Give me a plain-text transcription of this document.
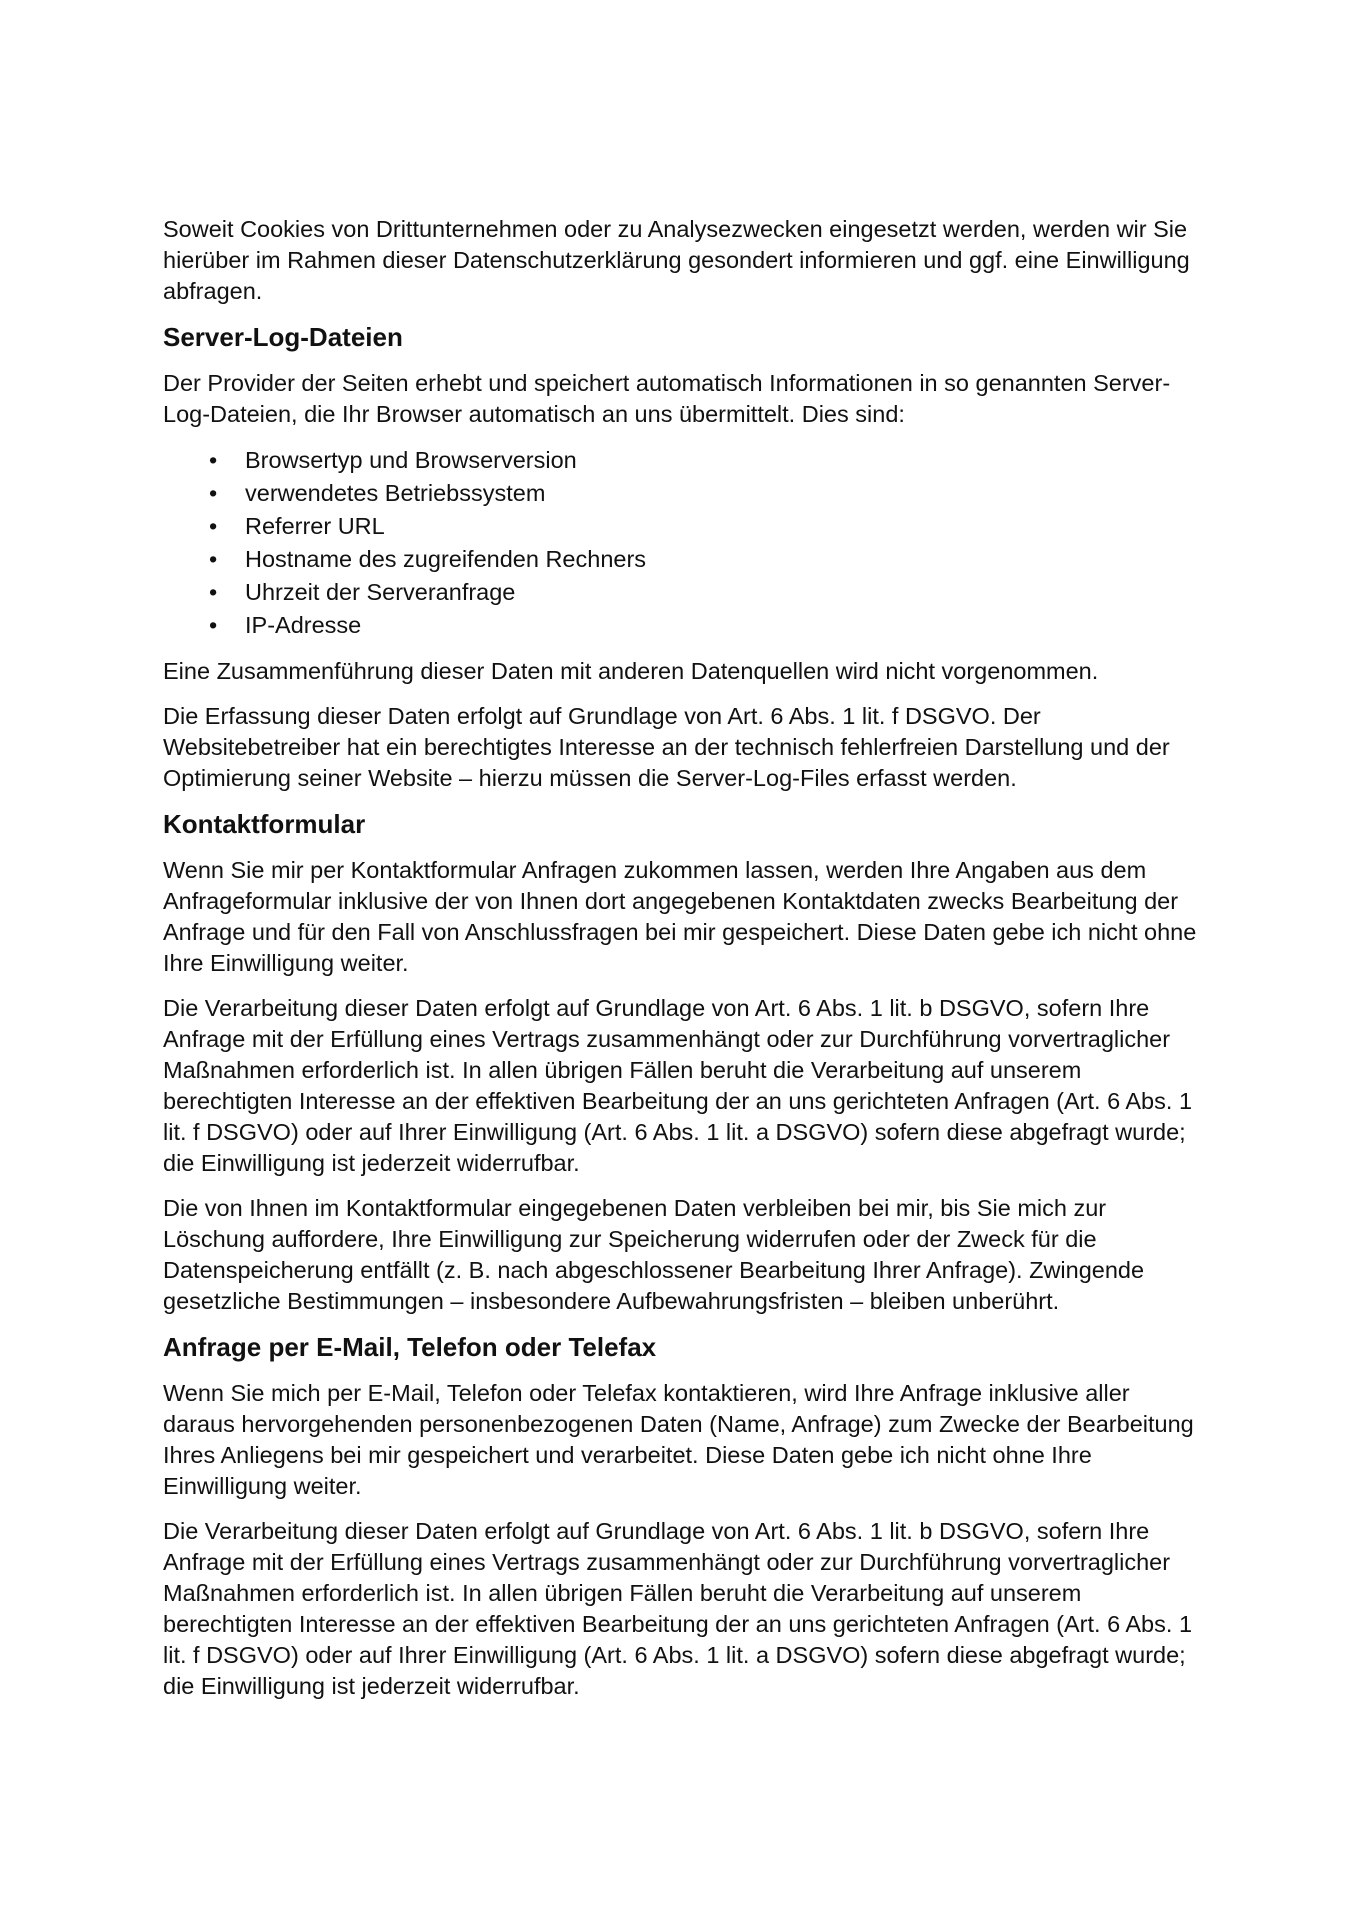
Soweit Cookies von Drittunternehmen oder zu Analysezwecken eingesetzt werden, werden wir Sie hierüber im Rahmen dieser Datenschutzerklärung gesondert informieren und ggf. eine Einwilligung abfragen.

Server-Log-Dateien

Der Provider der Seiten erhebt und speichert automatisch Informationen in so genannten Server-Log-Dateien, die Ihr Browser automatisch an uns übermittelt. Dies sind:

• Browsertyp und Browserversion
• verwendetes Betriebssystem
• Referrer URL
• Hostname des zugreifenden Rechners
• Uhrzeit der Serveranfrage
• IP-Adresse

Eine Zusammenführung dieser Daten mit anderen Datenquellen wird nicht vorgenommen.

Die Erfassung dieser Daten erfolgt auf Grundlage von Art. 6 Abs. 1 lit. f DSGVO. Der Websitebetreiber hat ein berechtigtes Interesse an der technisch fehlerfreien Darstellung und der Optimierung seiner Website – hierzu müssen die Server-Log-Files erfasst werden.

Kontaktformular

Wenn Sie mir per Kontaktformular Anfragen zukommen lassen, werden Ihre Angaben aus dem Anfrageformular inklusive der von Ihnen dort angegebenen Kontaktdaten zwecks Bearbeitung der Anfrage und für den Fall von Anschlussfragen bei mir gespeichert. Diese Daten gebe ich nicht ohne Ihre Einwilligung weiter.

Die Verarbeitung dieser Daten erfolgt auf Grundlage von Art. 6 Abs. 1 lit. b DSGVO, sofern Ihre Anfrage mit der Erfüllung eines Vertrags zusammenhängt oder zur Durchführung vorvertraglicher Maßnahmen erforderlich ist. In allen übrigen Fällen beruht die Verarbeitung auf unserem berechtigten Interesse an der effektiven Bearbeitung der an uns gerichteten Anfragen (Art. 6 Abs. 1 lit. f DSGVO) oder auf Ihrer Einwilligung (Art. 6 Abs. 1 lit. a DSGVO) sofern diese abgefragt wurde; die Einwilligung ist jederzeit widerrufbar.

Die von Ihnen im Kontaktformular eingegebenen Daten verbleiben bei mir, bis Sie mich zur Löschung auffordere, Ihre Einwilligung zur Speicherung widerrufen oder der Zweck für die Datenspeicherung entfällt (z. B. nach abgeschlossener Bearbeitung Ihrer Anfrage). Zwingende gesetzliche Bestimmungen – insbesondere Aufbewahrungsfristen – bleiben unberührt.

Anfrage per E-Mail, Telefon oder Telefax

Wenn Sie mich per E-Mail, Telefon oder Telefax kontaktieren, wird Ihre Anfrage inklusive aller daraus hervorgehenden personenbezogenen Daten (Name, Anfrage) zum Zwecke der Bearbeitung Ihres Anliegens bei mir gespeichert und verarbeitet. Diese Daten gebe ich nicht ohne Ihre Einwilligung weiter.

Die Verarbeitung dieser Daten erfolgt auf Grundlage von Art. 6 Abs. 1 lit. b DSGVO, sofern Ihre Anfrage mit der Erfüllung eines Vertrags zusammenhängt oder zur Durchführung vorvertraglicher Maßnahmen erforderlich ist. In allen übrigen Fällen beruht die Verarbeitung auf unserem berechtigten Interesse an der effektiven Bearbeitung der an uns gerichteten Anfragen (Art. 6 Abs. 1 lit. f DSGVO) oder auf Ihrer Einwilligung (Art. 6 Abs. 1 lit. a DSGVO) sofern diese abgefragt wurde; die Einwilligung ist jederzeit widerrufbar.
